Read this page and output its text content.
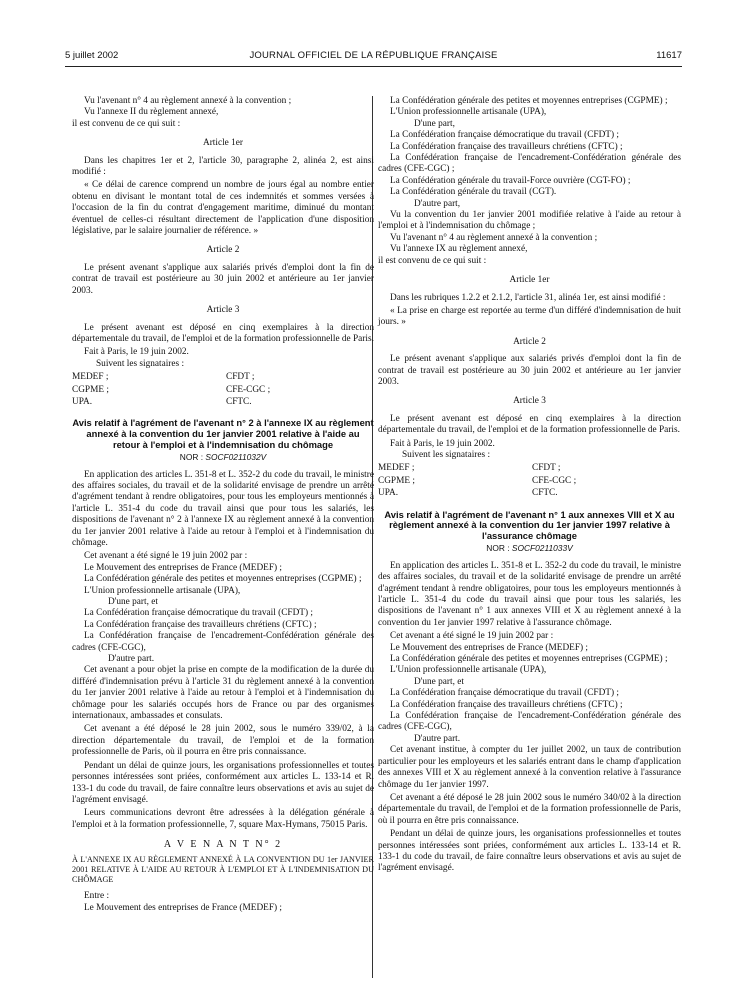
5 juillet 2002	JOURNAL OFFICIEL DE LA RÉPUBLIQUE FRANÇAISE	11617

Vu l'avenant n° 4 au règlement annexé à la convention ;

Vu l'annexe II du règlement annexé,

il est convenu de ce qui suit :

Article 1er

Dans les chapitres 1er et 2, l'article 30, paragraphe 2, alinéa 2, est ainsi modifié :

« Ce délai de carence comprend un nombre de jours égal au nombre entier obtenu en divisant le montant total de ces indemnités et sommes versées à l'occasion de la fin du contrat d'engagement maritime, diminué du montant éventuel de celles-ci résultant directement de l'application d'une disposition législative, par le salaire journalier de référence. »

Article 2

Le présent avenant s'applique aux salariés privés d'emploi dont la fin de contrat de travail est postérieure au 30 juin 2002 et antérieure au 1er janvier 2003.

Article 3

Le présent avenant est déposé en cinq exemplaires à la direction départementale du travail, de l'emploi et de la formation professionnelle de Paris.

Fait à Paris, le 19 juin 2002.

Suivent les signataires :

MEDEF ;	CFDT ;
CGPME ;	CFE-CGC ;
UPA.	CFTC.
Avis relatif à l'agrément de l'avenant n° 2 à l'annexe IX au règlement annexé à la convention du 1er janvier 2001 relative à l'aide au retour à l'emploi et à l'indemnisation du chômage
NOR : SOCF0211032V

En application des articles L. 351-8 et L. 352-2 du code du travail, le ministre des affaires sociales, du travail et de la solidarité envisage de prendre un arrêté d'agrément tendant à rendre obligatoires, pour tous les employeurs mentionnés à l'article L. 351-4 du code du travail ainsi que pour tous les salariés, les dispositions de l'avenant n° 2 à l'annexe IX au règlement annexé à la convention du 1er janvier 2001 relative à l'aide au retour à l'emploi et à l'indemnisation du chômage.

Cet avenant a été signé le 19 juin 2002 par :

Le Mouvement des entreprises de France (MEDEF) ;

La Confédération générale des petites et moyennes entreprises (CGPME) ;

L'Union professionnelle artisanale (UPA),

D'une part, et

La Confédération française démocratique du travail (CFDT) ;

La Confédération française des travailleurs chrétiens (CFTC) ;

La Confédération française de l'encadrement-Confédération générale des cadres (CFE-CGC),

D'autre part.

Cet avenant a pour objet la prise en compte de la modification de la durée du différé d'indemnisation prévu à l'article 31 du règlement annexé à la convention du 1er janvier 2001 relative à l'aide au retour à l'emploi et à l'indemnisation du chômage pour les salariés occupés hors de France ou par des organismes internationaux, ambassades et consulats.

Cet avenant a été déposé le 28 juin 2002, sous le numéro 339/02, à la direction départementale du travail, de l'emploi et de la formation professionnelle de Paris, où il pourra en être pris connaissance.

Pendant un délai de quinze jours, les organisations professionnelles et toutes personnes intéressées sont priées, conformément aux articles L. 133-14 et R. 133-1 du code du travail, de faire connaître leurs observations et avis au sujet de l'agrément envisagé.

Leurs communications devront être adressées à la délégation générale à l'emploi et à la formation professionnelle, 7, square Max-Hymans, 75015 Paris.

A V E N A N T N° 2

À L'ANNEXE IX AU RÈGLEMENT ANNEXÉ À LA CONVENTION DU 1er JANVIER 2001 RELATIVE À L'AIDE AU RETOUR À L'EMPLOI ET À L'INDEMNISATION DU CHÔMAGE

Entre :

Le Mouvement des entreprises de France (MEDEF) ;

La Confédération générale des petites et moyennes entreprises (CGPME) ;

L'Union professionnelle artisanale (UPA),

D'une part,

La Confédération française démocratique du travail (CFDT) ;

La Confédération française des travailleurs chrétiens (CFTC) ;

La Confédération française de l'encadrement-Confédération générale des cadres (CFE-CGC) ;

La Confédération générale du travail-Force ouvrière (CGT-FO) ;

La Confédération générale du travail (CGT).

D'autre part,

Vu la convention du 1er janvier 2001 modifiée relative à l'aide au retour à l'emploi et à l'indemnisation du chômage ;

Vu l'avenant n° 4 au règlement annexé à la convention ;

Vu l'annexe IX au règlement annexé,

il est convenu de ce qui suit :

Article 1er

Dans les rubriques 1.2.2 et 2.1.2, l'article 31, alinéa 1er, est ainsi modifié :

« La prise en charge est reportée au terme d'un différé d'indemnisation de huit jours. »

Article 2

Le présent avenant s'applique aux salariés privés d'emploi dont la fin de contrat de travail est postérieure au 30 juin 2002 et antérieure au 1er janvier 2003.

Article 3

Le présent avenant est déposé en cinq exemplaires à la direction départementale du travail, de l'emploi et de la formation professionnelle de Paris.

Fait à Paris, le 19 juin 2002.

Suivent les signataires :

MEDEF ;	CFDT ;
CGPME ;	CFE-CGC ;
UPA.	CFTC.
Avis relatif à l'agrément de l'avenant n° 1 aux annexes VIII et X au règlement annexé à la convention du 1er janvier 1997 relative à l'assurance chômage
NOR : SOCF0211033V

En application des articles L. 351-8 et L. 352-2 du code du travail, le ministre des affaires sociales, du travail et de la solidarité envisage de prendre un arrêté d'agrément tendant à rendre obligatoires, pour tous les employeurs mentionnés à l'article L. 351-4 du code du travail ainsi que pour tous les salariés, les dispositions de l'avenant n° 1 aux annexes VIII et X au règlement annexé à la convention du 1er janvier 1997 relative à l'assurance chômage.

Cet avenant a été signé le 19 juin 2002 par :

Le Mouvement des entreprises de France (MEDEF) ;

La Confédération générale des petites et moyennes entreprises (CGPME) ;

L'Union professionnelle artisanale (UPA),

D'une part, et

La Confédération française démocratique du travail (CFDT) ;

La Confédération française des travailleurs chrétiens (CFTC) ;

La Confédération française de l'encadrement-Confédération générale des cadres (CFE-CGC),

D'autre part.

Cet avenant institue, à compter du 1er juillet 2002, un taux de contribution particulier pour les employeurs et les salariés entrant dans le champ d'application des annexes VIII et X au règlement annexé à la convention relative à l'assurance chômage du 1er janvier 1997.

Cet avenant a été déposé le 28 juin 2002 sous le numéro 340/02 à la direction départementale du travail, de l'emploi et de la formation professionnelle de Paris, où il pourra en être pris connaissance.

Pendant un délai de quinze jours, les organisations professionnelles et toutes personnes intéressées sont priées, conformément aux articles L. 133-14 et R. 133-1 du code du travail, de faire connaître leurs observations et avis au sujet de l'agrément envisagé.
